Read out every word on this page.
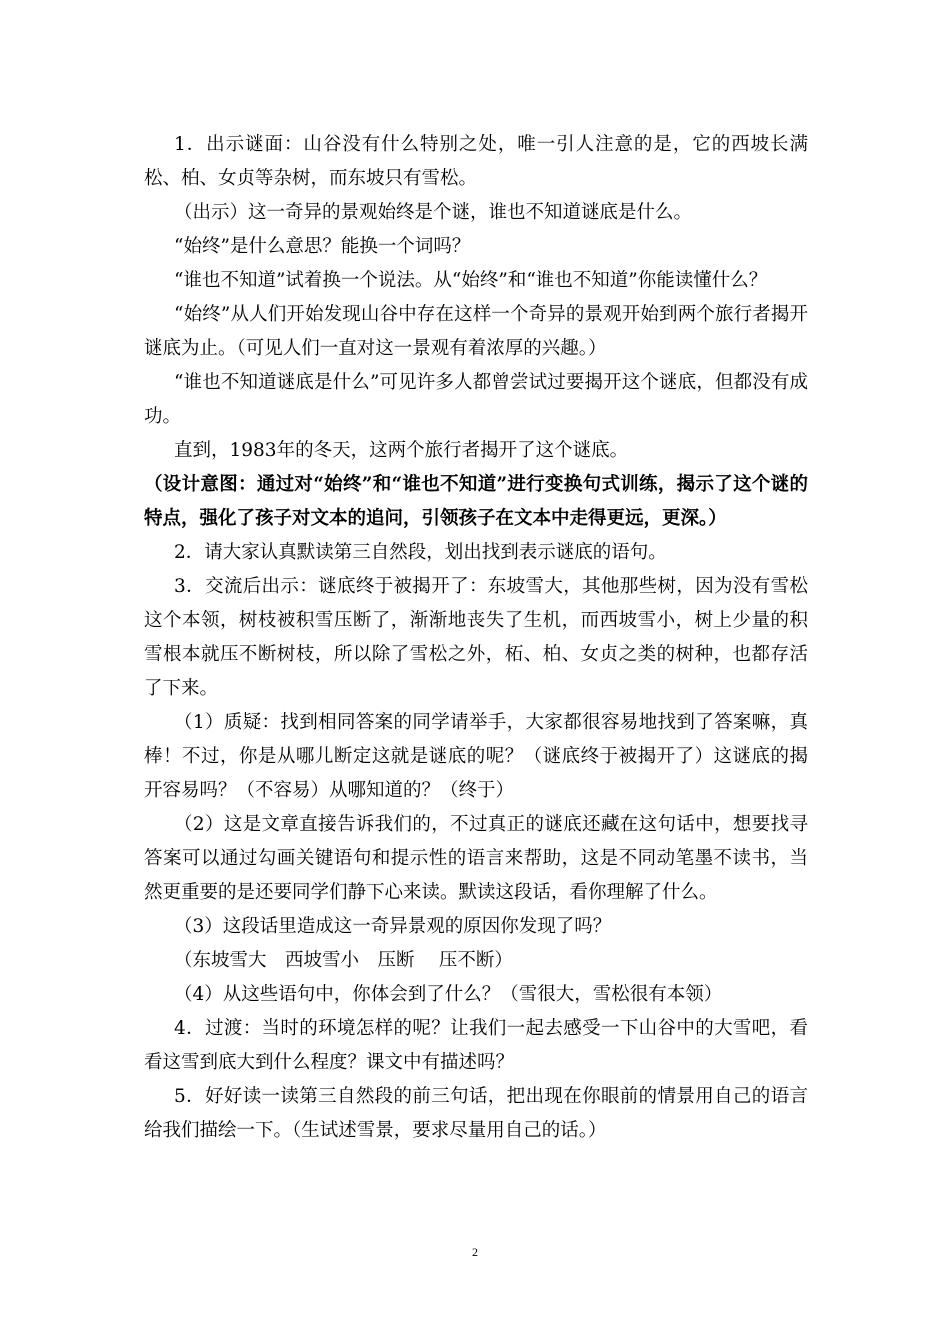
1．出示谜面：山谷没有什么特别之处，唯一引人注意的是，它的西坡长满松、柏、女贞等杂树，而东坡只有雪松。

（出示）这一奇异的景观始终是个谜，谁也不知道谜底是什么。

“始终”是什么意思？能换一个词吗？

“谁也不知道”试着换一个说法。从“始终”和“谁也不知道”你能读懂什么？

“始终”从人们开始发现山谷中存在这样一个奇异的景观开始到两个旅行者揭开谜底为止。（可见人们一直对这一景观有着浓厚的兴趣。）

“谁也不知道谜底是什么”可见许多人都曾尝试过要揭开这个谜底，但都没有成功。

直到，1983年的冬天，这两个旅行者揭开了这个谜底。

（设计意图：通过对“始终”和“谁也不知道”进行变换句式训练，揭示了这个谜的特点，强化了孩子对文本的追问，引领孩子在文本中走得更远，更深。）

2．请大家认真默读第三自然段，划出找到表示谜底的语句。

3．交流后出示：谜底终于被揭开了：东坡雪大，其他那些树，因为没有雪松这个本领，树枝被积雪压断了，渐渐地丧失了生机，而西坡雪小，树上少量的积雪根本就压不断树枝，所以除了雪松之外，柘、柏、女贞之类的树种，也都存活了下来。

（1）质疑：找到相同答案的同学请举手，大家都很容易地找到了答案嘛，真棒！不过，你是从哪儿断定这就是谜底的呢？（谜底终于被揭开了）这谜底的揭开容易吗？（不容易）从哪知道的？（终于）

（2）这是文章直接告诉我们的，不过真正的谜底还藏在这句话中，想要找寻答案可以通过勾画关键语句和提示性的语言来帮助，这是不同动笔墨不读书，当然更重要的是还要同学们静下心来读。默读这段话，看你理解了什么。

（3）这段话里造成这一奇异景观的原因你发现了吗？

（东坡雪大　西坡雪小　压断　 压不断）

（4）从这些语句中，你体会到了什么？（雪很大，雪松很有本领）

4．过渡：当时的环境怎样的呢？让我们一起去感受一下山谷中的大雪吧，看看这雪到底大到什么程度？课文中有描述吗？

5．好好读一读第三自然段的前三句话，把出现在你眼前的情景用自己的语言给我们描绘一下。（生试述雪景，要求尽量用自己的话。）

2
